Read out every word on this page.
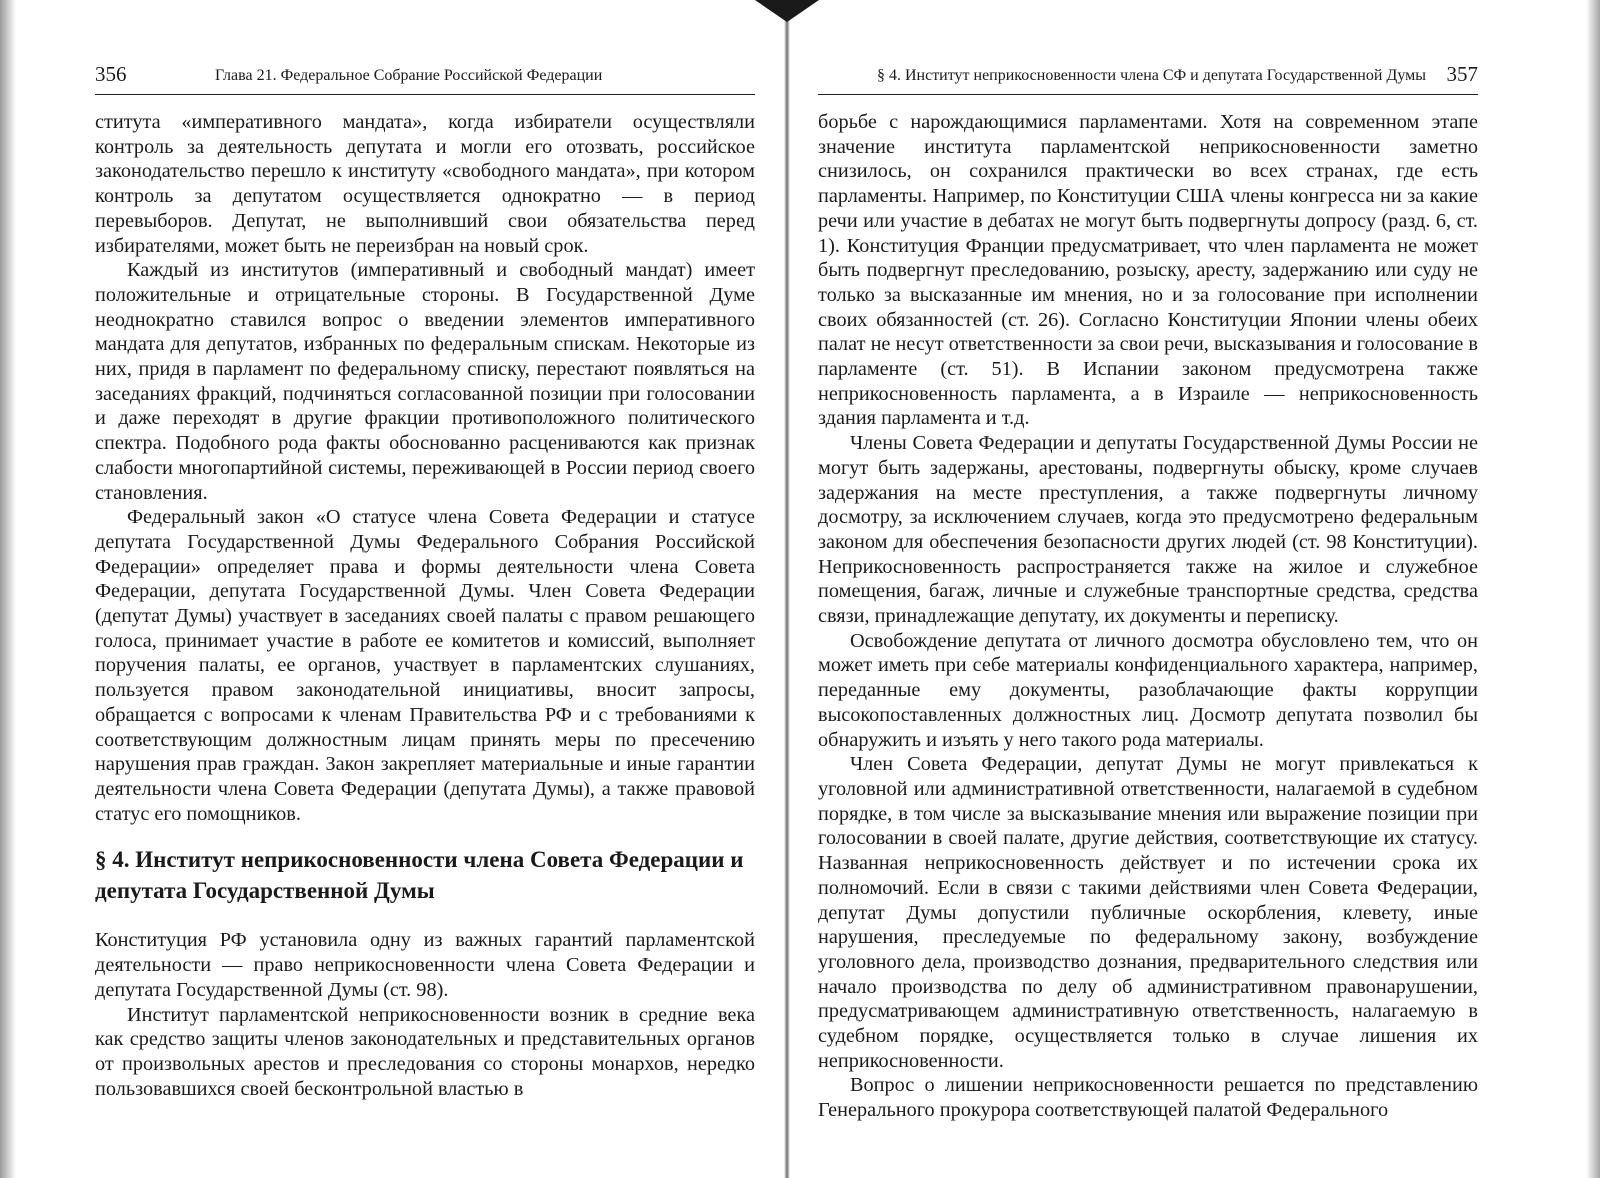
356	Глава 21. Федеральное Собрание Российской Федерации

ститута «императивного мандата», когда избиратели осуществляли контроль за деятельность депутата и могли его отозвать, российское законодательство перешло к институту «свободного мандата», при котором контроль за депутатом осуществляется однократно — в период перевыборов. Депутат, не выполнивший свои обязательства перед избирателями, может быть не переизбран на новый срок.

Каждый из институтов (императивный и свободный мандат) имеет положительные и отрицательные стороны. В Государственной Думе неоднократно ставился вопрос о введении элементов императивного мандата для депутатов, избранных по федеральным спискам. Некоторые из них, придя в парламент по федеральному списку, перестают появляться на заседаниях фракций, подчиняться согласованной позиции при голосовании и даже переходят в другие фракции противоположного политического спектра. Подобного рода факты обоснованно расцениваются как признак слабости многопартийной системы, переживающей в России период своего становления.

Федеральный закон «О статусе члена Совета Федерации и статусе депутата Государственной Думы Федерального Собрания Российской Федерации» определяет права и формы деятельности члена Совета Федерации, депутата Государственной Думы. Член Совета Федерации (депутат Думы) участвует в заседаниях своей палаты с правом решающего голоса, принимает участие в работе ее комитетов и комиссий, выполняет поручения палаты, ее органов, участвует в парламентских слушаниях, пользуется правом законодательной инициативы, вносит запросы, обращается с вопросами к членам Правительства РФ и с требованиями к соответствующим должностным лицам принять меры по пресечению нарушения прав граждан. Закон закрепляет материальные и иные гарантии деятельности члена Совета Федерации (депутата Думы), а также правовой статус его помощников.

§ 4. Институт неприкосновенности члена Совета Федерации и депутата Государственной Думы

Конституция РФ установила одну из важных гарантий парламентской деятельности — право неприкосновенности члена Совета Федерации и депутата Государственной Думы (ст. 98).

Институт парламентской неприкосновенности возник в средние века как средство защиты членов законодательных и представительных органов от произвольных арестов и преследования со стороны монархов, нередко пользовавшихся своей бесконтрольной властью в

§ 4. Институт неприкосновенности члена СФ и депутата Государственной Думы 357

борьбе с нарождающимися парламентами. Хотя на современном этапе значение института парламентской неприкосновенности заметно снизилось, он сохранился практически во всех странах, где есть парламенты. Например, по Конституции США члены конгресса ни за какие речи или участие в дебатах не могут быть подвергнуты допросу (разд. 6, ст. 1). Конституция Франции предусматривает, что член парламента не может быть подвергнут преследованию, розыску, аресту, задержанию или суду не только за высказанные им мнения, но и за голосование при исполнении своих обязанностей (ст. 26). Согласно Конституции Японии члены обеих палат не несут ответственности за свои речи, высказывания и голосование в парламенте (ст. 51). В Испании законом предусмотрена также неприкосновенность парламента, а в Израиле — неприкосновенность здания парламента и т.д.

Члены Совета Федерации и депутаты Государственной Думы России не могут быть задержаны, арестованы, подвергнуты обыску, кроме случаев задержания на месте преступления, а также подвергнуты личному досмотру, за исключением случаев, когда это предусмотрено федеральным законом для обеспечения безопасности других людей (ст. 98 Конституции). Неприкосновенность распространяется также на жилое и служебное помещения, багаж, личные и служебные транспортные средства, средства связи, принадлежащие депутату, их документы и переписку.

Освобождение депутата от личного досмотра обусловлено тем, что он может иметь при себе материалы конфиденциального характера, например, переданные ему документы, разоблачающие факты коррупции высокопоставленных должностных лиц. Досмотр депутата позволил бы обнаружить и изъять у него такого рода материалы.

Член Совета Федерации, депутат Думы не могут привлекаться к уголовной или административной ответственности, налагаемой в судебном порядке, в том числе за высказывание мнения или выражение позиции при голосовании в своей палате, другие действия, соответствующие их статусу. Названная неприкосновенность действует и по истечении срока их полномочий. Если в связи с такими действиями член Совета Федерации, депутат Думы допустили публичные оскорбления, клевету, иные нарушения, преследуемые по федеральному закону, возбуждение уголовного дела, производство дознания, предварительного следствия или начало производства по делу об административном правонарушении, предусматривающем административную ответственность, налагаемую в судебном порядке, осуществляется только в случае лишения их неприкосновенности.

Вопрос о лишении неприкосновенности решается по представлению Генерального прокурора соответствующей палатой Федерального
